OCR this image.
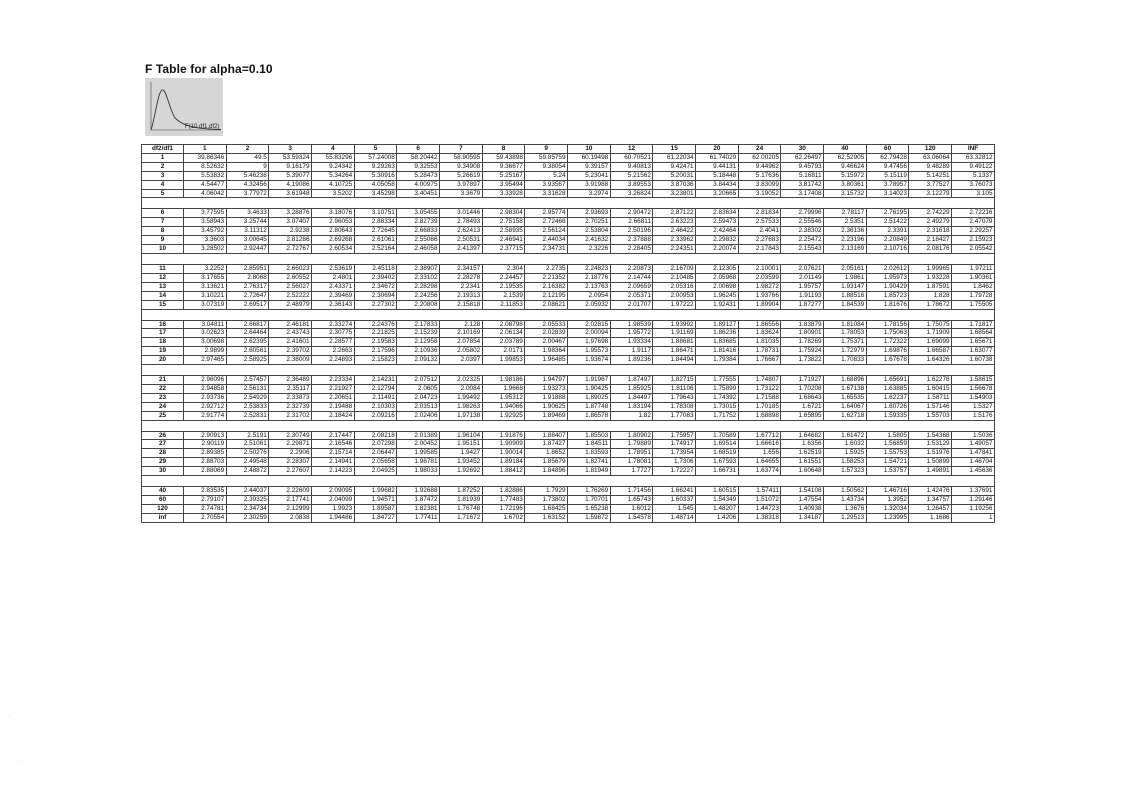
F Table for alpha=0.10
F(10,df1,df2)
df2/df1	1	2	3	4	5	6	7	8	9	10	12	15	20	24	30	40	60	120	INF
1	39.86346	49.5	53.59324	55.83296	57.24008	58.20442	58.90595	59.43898	59.85759	60.19498	60.70521	61.22034	61.74029	62.00205	62.26497	62.52905	62.79428	63.06064	63.32812
2	8.52632	9	9.16179	9.24342	9.29263	9.32553	9.34908	9.36677	9.38054	9.39157	9.40813	9.42471	9.44131	9.44962	9.45793	9.46624	9.47456	9.48289	9.49122
3	5.53832	5.46238	5.39077	5.34264	5.30916	5.28473	5.26619	5.25167	5.24	5.23041	5.21562	5.20031	5.18448	5.17636	5.16811	5.15972	5.15119	5.14251	5.1337
4	4.54477	4.32456	4.19086	4.10725	4.05058	4.00975	3.97897	3.95494	3.93567	3.91988	3.89553	3.87036	3.84434	3.83099	3.81742	3.80361	3.78957	3.77527	3.76073
5	4.06042	3.77972	3.61948	3.5202	3.45298	3.40451	3.3679	3.33928	3.31628	3.2974	3.26824	3.23801	3.20665	3.19052	3.17408	3.15732	3.14023	3.12279	3.105

6	3.77595	3.4633	3.28876	3.18076	3.10751	3.05455	3.01446	2.98304	2.95774	2.93693	2.90472	2.87122	2.83634	2.81834	2.79996	2.78117	2.76195	2.74229	2.72216
7	3.58943	3.25744	3.07407	2.96053	2.88334	2.82739	2.78493	2.75158	2.72468	2.70251	2.66811	2.63223	2.59473	2.57533	2.55546	2.5351	2.51422	2.49279	2.47079
8	3.45792	3.11312	2.9238	2.80643	2.72645	2.66833	2.62413	2.58935	2.56124	2.53804	2.50196	2.46422	2.42464	2.4041	2.38302	2.36136	2.3391	2.31618	2.29257
9	3.3603	3.00645	2.81286	2.69268	2.61061	2.55086	2.50531	2.46941	2.44034	2.41632	2.37888	2.33962	2.29832	2.27683	2.25472	2.23196	2.20849	2.18427	2.15923
10	3.28502	2.92447	2.72767	2.60534	2.52164	2.46058	2.41397	2.37715	2.34731	2.3226	2.28405	2.24351	2.20074	2.17843	2.15543	2.13169	2.10716	2.08176	2.05542

11	3.2252	2.85951	2.66023	2.53619	2.45118	2.38907	2.34157	2.304	2.2735	2.24823	2.20873	2.16709	2.12305	2.10001	2.07621	2.05161	2.02612	1.99965	1.97211
12	3.17655	2.8068	2.60552	2.4801	2.39402	2.33102	2.28278	2.24457	2.21352	2.18776	2.14744	2.10485	2.05968	2.03599	2.01149	1.9861	1.95973	1.93228	1.90361
13	3.13621	2.76317	2.56027	2.43371	2.34672	2.28298	2.2341	2.19535	2.16382	2.13763	2.09659	2.05316	2.00698	1.98272	1.95757	1.93147	1.90429	1.87591	1.8462
14	3.10221	2.72647	2.52222	2.39469	2.30694	2.24256	2.19313	2.1539	2.12195	2.0954	2.05371	2.00953	1.96245	1.93766	1.91193	1.88516	1.85723	1.828	1.79728
15	3.07319	2.69517	2.48979	2.36143	2.27302	2.20808	2.15818	2.11853	2.08621	2.05932	2.01707	1.97222	1.92431	1.89904	1.87277	1.84539	1.81676	1.78672	1.75505

16	3.04811	2.66817	2.46181	2.33274	2.24376	2.17833	2.128	2.08798	2.05533	2.02815	1.98539	1.93992	1.89127	1.86556	1.83879	1.81084	1.78156	1.75075	1.71817
17	3.02623	2.64464	2.43743	2.30775	2.21825	2.15239	2.10169	2.06134	2.02839	2.00094	1.95772	1.91169	1.86236	1.83624	1.80901	1.78053	1.75063	1.71909	1.68564
18	3.00698	2.62395	2.41601	2.28577	2.19583	2.12958	2.07854	2.03789	2.00467	1.97698	1.93334	1.88681	1.83685	1.81035	1.78269	1.75371	1.72322	1.69099	1.65671
19	2.9899	2.60561	2.39702	2.2663	2.17596	2.10936	2.05802	2.0171	1.98364	1.95573	1.9117	1.86471	1.81416	1.78731	1.75924	1.72979	1.69876	1.66587	1.63077
20	2.97465	2.58925	2.38009	2.24893	2.15823	2.09132	2.0397	1.99853	1.96485	1.93674	1.89236	1.84494	1.79384	1.76667	1.73822	1.70833	1.67678	1.64326	1.60738

21	2.96096	2.57457	2.36489	2.23334	2.14231	2.07512	2.02325	1.98186	1.94797	1.91967	1.87497	1.82715	1.77555	1.74807	1.71927	1.68896	1.65691	1.62278	1.58615
22	2.94858	2.56131	2.35117	2.21927	2.12794	2.0605	2.0084	1.9668	1.93273	1.90425	1.85925	1.81106	1.75899	1.73122	1.70208	1.67138	1.63885	1.60415	1.56678
23	2.93736	2.54929	2.33873	2.20651	2.11491	2.04723	1.99492	1.95312	1.91888	1.89025	1.84497	1.79643	1.74392	1.71588	1.68643	1.65535	1.62237	1.58711	1.54903
24	2.92712	2.53833	2.32739	2.19488	2.10303	2.03513	1.98263	1.94066	1.90625	1.87748	1.83194	1.78308	1.73015	1.70185	1.6721	1.64067	1.60726	1.57146	1.5327
25	2.91774	2.52831	2.31702	2.18424	2.09216	2.02406	1.97138	1.92925	1.89469	1.86578	1.82	1.77083	1.71752	1.68898	1.65895	1.62718	1.59335	1.55703	1.5176

26	2.90913	2.5191	2.30749	2.17447	2.08218	2.01389	1.96104	1.91876	1.88407	1.85503	1.80902	1.75957	1.70589	1.67712	1.64682	1.61472	1.5805	1.54368	1.5036
27	2.90119	2.51061	2.29871	2.16546	2.07298	2.00452	1.95151	1.90909	1.87427	1.84511	1.79889	1.74917	1.69514	1.66616	1.6356	1.6032	1.56859	1.53129	1.49057
28	2.89385	2.50276	2.2906	2.15714	2.06447	1.99585	1.9427	1.90014	1.8652	1.83593	1.78951	1.73954	1.68519	1.656	1.62519	1.5925	1.55753	1.51976	1.47841
29	2.88703	2.49548	2.28307	2.14941	2.05658	1.98781	1.93452	1.89184	1.85679	1.82741	1.78081	1.7306	1.67593	1.64655	1.61551	1.58253	1.54721	1.50899	1.46704
30	2.88069	2.48872	2.27607	2.14223	2.04925	1.98033	1.92692	1.88412	1.84896	1.81949	1.7727	1.72227	1.66731	1.63774	1.60648	1.57323	1.53757	1.49891	1.45636

40	2.83535	2.44037	2.22609	2.09095	1.99682	1.92688	1.87252	1.82886	1.7929	1.76269	1.71456	1.66241	1.60515	1.57411	1.54108	1.50562	1.46716	1.42476	1.37691
60	2.79107	2.39325	2.17741	2.04099	1.94571	1.87472	1.81939	1.77483	1.73802	1.70701	1.65743	1.60337	1.54349	1.51072	1.47554	1.43734	1.3952	1.34757	1.29146
120	2.74781	2.34734	2.12999	1.9923	1.89587	1.82381	1.76748	1.72196	1.68425	1.65238	1.6012	1.545	1.48207	1.44723	1.40938	1.3676	1.32034	1.26457	1.19256
inf	2.70554	2.30259	2.0838	1.94486	1.84727	1.77411	1.71672	1.6702	1.63152	1.59872	1.54578	1.48714	1.4206	1.38318	1.34187	1.29513	1.23995	1.1686	1
·
·
